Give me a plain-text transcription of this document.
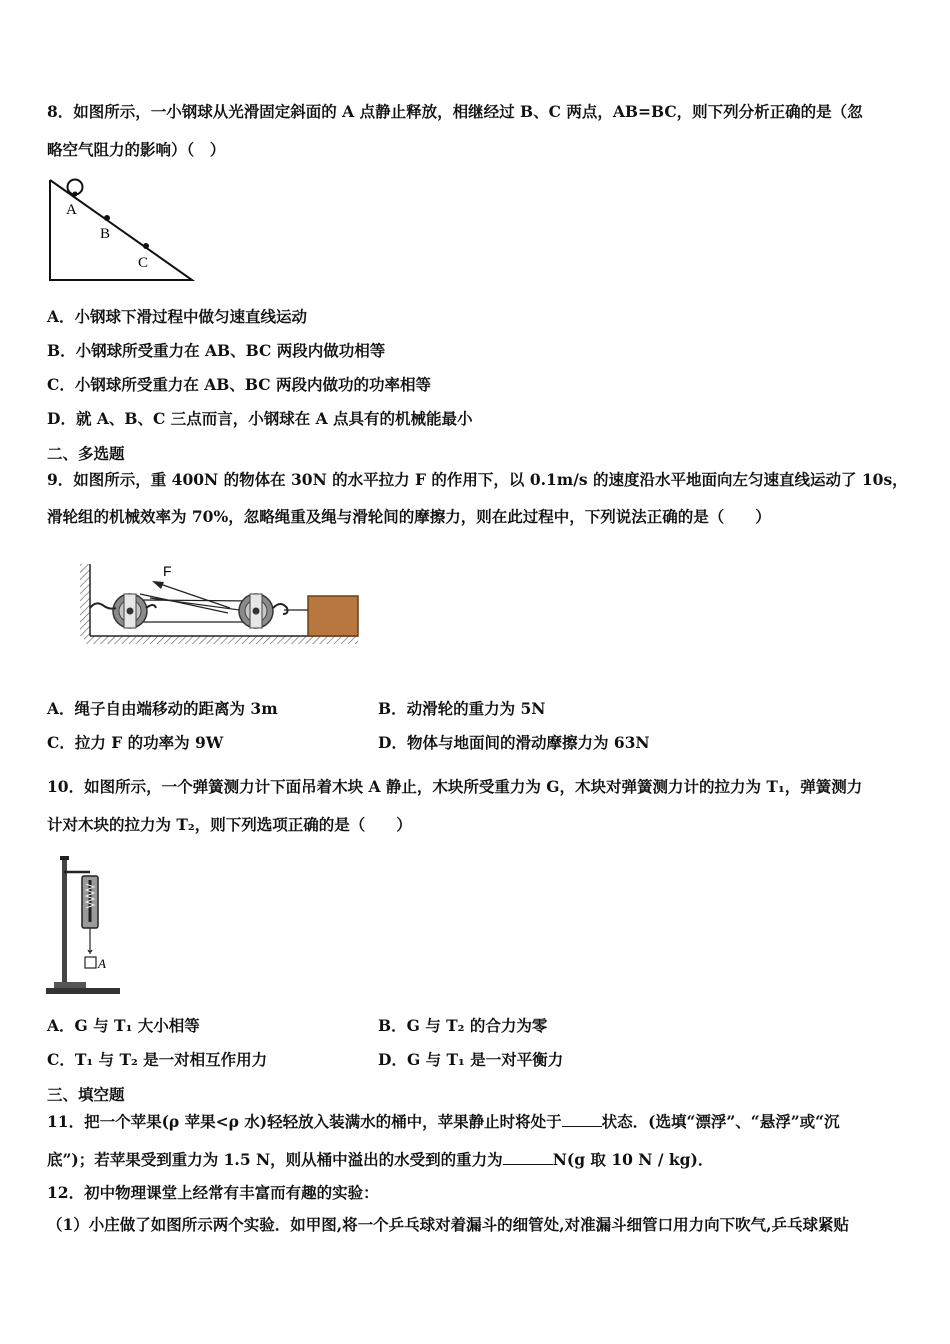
8．如图所示，一小钢球从光滑固定斜面的 A 点静止释放，相继经过 B、C 两点，AB=BC，则下列分析正确的是（忽
略空气阻力的影响）（　）
A
B
C
A．小钢球下滑过程中做匀速直线运动
B．小钢球所受重力在 AB、BC 两段内做功相等
C．小钢球所受重力在 AB、BC 两段内做功的功率相等
D．就 A、B、C 三点而言，小钢球在 A 点具有的机械能最小
二、多选题
9．如图所示，重 400N 的物体在 30N 的水平拉力 F 的作用下，以 0.1m/s 的速度沿水平地面向左匀速直线运动了 10s，
滑轮组的机械效率为 70%，忽略绳重及绳与滑轮间的摩擦力，则在此过程中，下列说法正确的是（　　）
F
A．绳子自由端移动的距离为 3m	B．动滑轮的重力为 5N
C．拉力 F 的功率为 9W	D．物体与地面间的滑动摩擦力为 63N
10．如图所示，一个弹簧测力计下面吊着木块 A 静止，木块所受重力为 G，木块对弹簧测力计的拉力为 T₁，弹簧测力
计对木块的拉力为 T₂，则下列选项正确的是（　　）
A
A．G 与 T₁ 大小相等	B．G 与 T₂ 的合力为零
C．T₁ 与 T₂ 是一对相互作用力	D．G 与 T₁ 是一对平衡力
三、填空题
11．把一个苹果(ρ 苹果<ρ 水)轻轻放入装满水的桶中，苹果静止时将处于	状态．(选填“漂浮”、“悬浮”或“沉
底”)；若苹果受到重力为 1.5 N，则从桶中溢出的水受到的重力为	N(g 取 10 N / kg)．
12．初中物理课堂上经常有丰富而有趣的实验：
（1）小庄做了如图所示两个实验．如甲图,将一个乒乓球对着漏斗的细管处,对准漏斗细管口用力向下吹气,乒乓球紧贴
